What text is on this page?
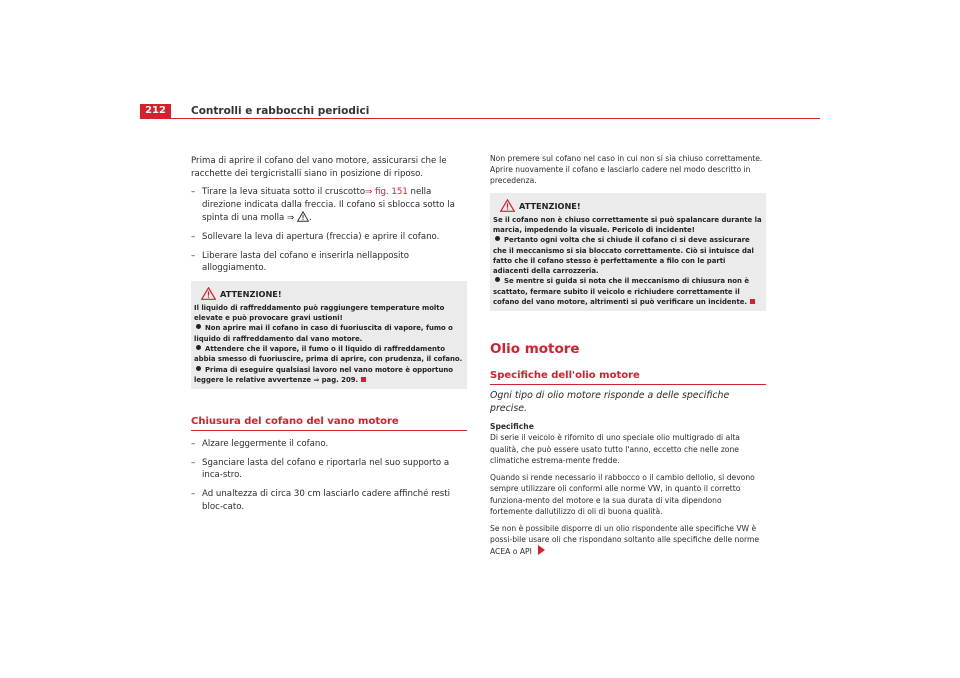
212	Controlli e rabbocchi periodici

Prima di aprire il cofano del vano motore, assicurarsi che le racchette dei tergicristalli siano in posizione di riposo.

– Tirare la leva situata sotto il cruscotto⇒ fig. 151 nella direzione indicata dalla freccia. Il cofano si sblocca sotto la spinta di una molla ⇒ .
– Sollevare la leva di apertura (freccia) e aprire il cofano.
– Liberare lasta del cofano e inserirla nellapposito alloggiamento.
ATTENZIONE!

Il liquido di raffreddamento può raggiungere temperature molto elevate e può provocare gravi ustioni!

Non aprire mai il cofano in caso di fuoriuscita di vapore, fumo o liquido di raffreddamento dal vano motore.

Attendere che il vapore, il fumo o il liquido di raffreddamento abbia smesso di fuoriuscire, prima di aprire, con prudenza, il cofano.

Prima di eseguire qualsiasi lavoro nel vano motore è opportuno leggere le relative avvertenze ⇒ pag. 209.

Chiusura del cofano del vano motore
– Alzare leggermente il cofano.
– Sganciare lasta del cofano e riportarla nel suo supporto a inca-stro.
– Ad unaltezza di circa 30 cm lasciarlo cadere affinché resti bloc-cato.

Non premere sul cofano nel caso in cui non si sia chiuso correttamente. Aprire nuovamente il cofano e lasciarlo cadere nel modo descritto in precedenza.

ATTENZIONE!

Se il cofano non è chiuso correttamente si può spalancare durante la marcia, impedendo la visuale. Pericolo di incidente!

Pertanto ogni volta che si chiude il cofano ci si deve assicurare che il meccanismo si sia bloccato correttamente. Ciò si intuisce dal fatto che il cofano stesso è perfettamente a filo con le parti adiacenti della carrozzeria.

Se mentre si guida si nota che il meccanismo di chiusura non è scattato, fermare subito il veicolo e richiudere correttamente il cofano del vano motore, altrimenti si può verificare un incidente.

Olio motore
Specifiche dell'olio motore
Ogni tipo di olio motore risponde a delle specifiche precise.

Specifiche

Di serie il veicolo è rifornito di uno speciale olio multigrado di alta qualità, che può essere usato tutto l'anno, eccetto che nelle zone climatiche estrema-mente fredde.

Quando si rende necessario il rabbocco o il cambio dellolio, si devono sempre utilizzare oli conformi alle norme VW, in quanto il corretto funziona-mento del motore e la sua durata di vita dipendono fortemente dallutilizzo di oli di buona qualità.

Se non è possibile disporre di un olio rispondente alle specifiche VW è possi-bile usare oli che rispondano soltanto alle specifiche delle norme ACEA o API
